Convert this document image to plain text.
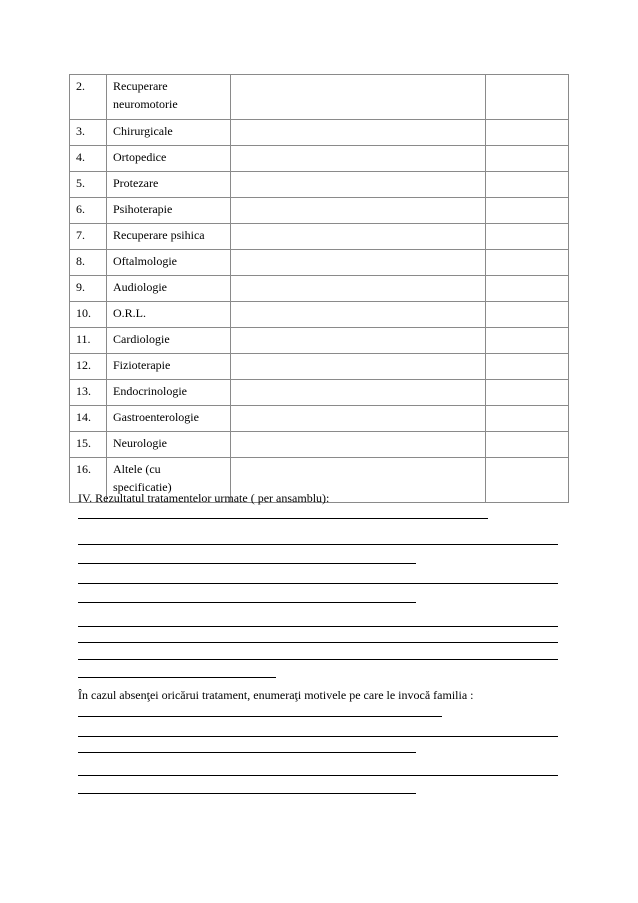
2.	Recuperare
neuromotorie		

3.	Chirurgicale		

4.	Ortopedice		

5.	Protezare		

6.	Psihoterapie		

7.	Recuperare psihica		

8.	Oftalmologie		

9.	Audiologie		

10.	O.R.L.		

11.	Cardiologie		

12.	Fizioterapie		

13.	Endocrinologie		

14.	Gastroenterologie		

15.	Neurologie		

16.	Altele (cu
specificatie)		

IV. Rezultatul tratamentelor urmate ( per ansamblu):
În cazul absenţei oricărui tratament, enumeraţi motivele pe care le invocă familia :
